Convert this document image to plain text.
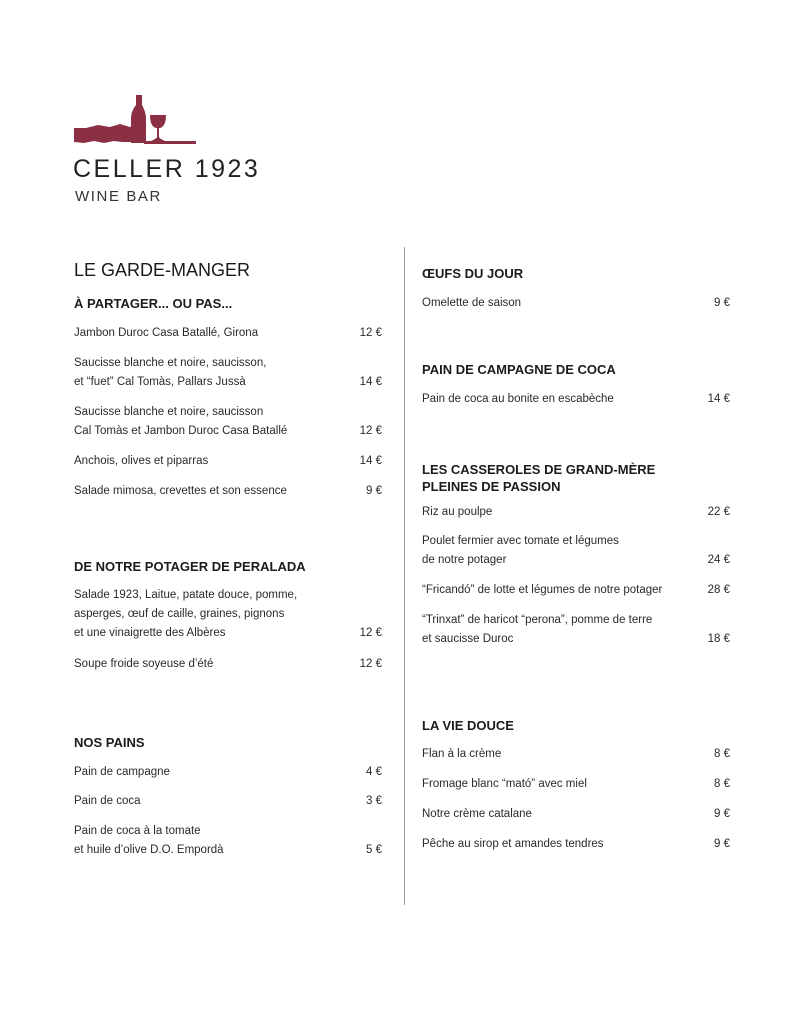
CELLER 1923
WINE BAR
LE GARDE-MANGER
À PARTAGER... OU PAS...
Jambon Duroc Casa Batallé, Girona	12 €
Saucisse blanche et noire, saucisson,
et “fuet” Cal Tomàs, Pallars Jussà	14 €
Saucisse blanche et noire, saucisson
Cal Tomàs et Jambon Duroc Casa Batallé	12 €
Anchois, olives et piparras	14 €
Salade mimosa, crevettes et son essence	9 €
DE NOTRE POTAGER DE PERALADA
Salade 1923, Laitue, patate douce, pomme,
asperges, œuf de caille, graines, pignons
et une vinaigrette des Albères	12 €
Soupe froide soyeuse d’été	12 €
NOS PAINS
Pain de campagne	4 €
Pain de coca	3 €
Pain de coca à la tomate
et huile d’olive D.O. Empordà	5 €
ŒUFS DU JOUR
Omelette de saison	9 €
PAIN DE CAMPAGNE DE COCA
Pain de coca au bonite en escabèche	14 €
LES CASSEROLES DE GRAND-MÈRE
PLEINES DE PASSION
Riz au poulpe	22 €
Poulet fermier avec tomate et légumes
de notre potager	24 €
“Fricandó” de lotte et légumes de notre potager	28 €
“Trinxat” de haricot “perona”, pomme de terre
et saucisse Duroc	18 €
LA VIE DOUCE
Flan à la crème	8 €
Fromage blanc “mató” avec miel	8 €
Notre crème catalane	9 €
Pêche au sirop et amandes tendres	9 €
